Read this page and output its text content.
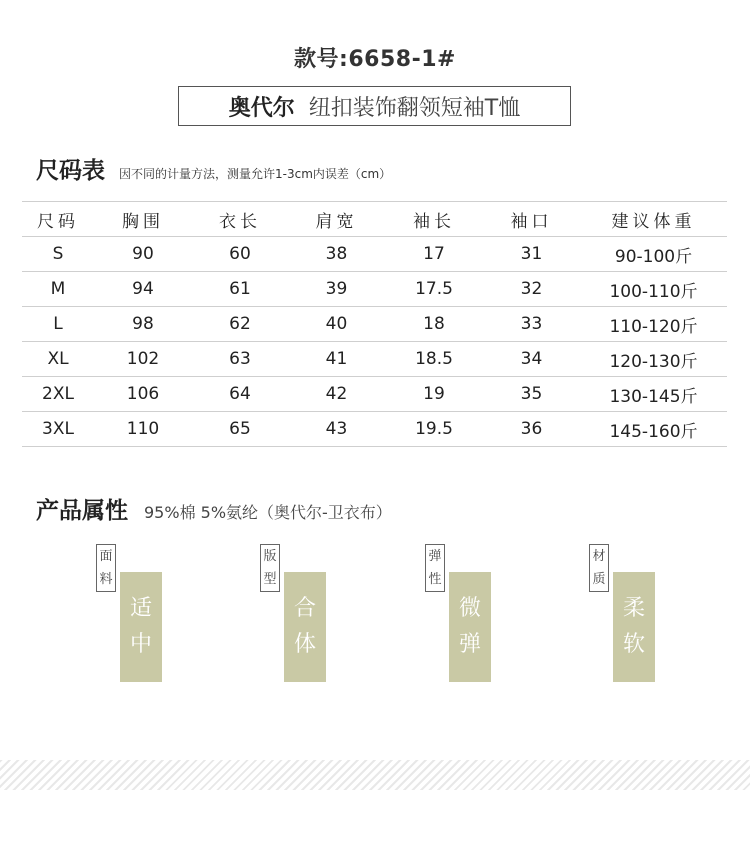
款号:6658-1#
奥代尔 纽扣装饰翻领短袖T恤
尺码表 因不同的计量方法，测量允许1-3cm内误差（cm）
尺码	胸围	衣长	肩宽	袖长	袖口	建议体重
S	90	60	38	17	31	90-100斤
M	94	61	39	17.5	32	100-110斤
L	98	62	40	18	33	110-120斤
XL	102	63	41	18.5	34	120-130斤
2XL	106	64	42	19	35	130-145斤
3XL	110	65	43	19.5	36	145-160斤
产品属性 95%棉 5%氨纶（奥代尔-卫衣布）
面
料
适
中
版
型
合
体
弹
性
微
弹
材
质
柔
软
